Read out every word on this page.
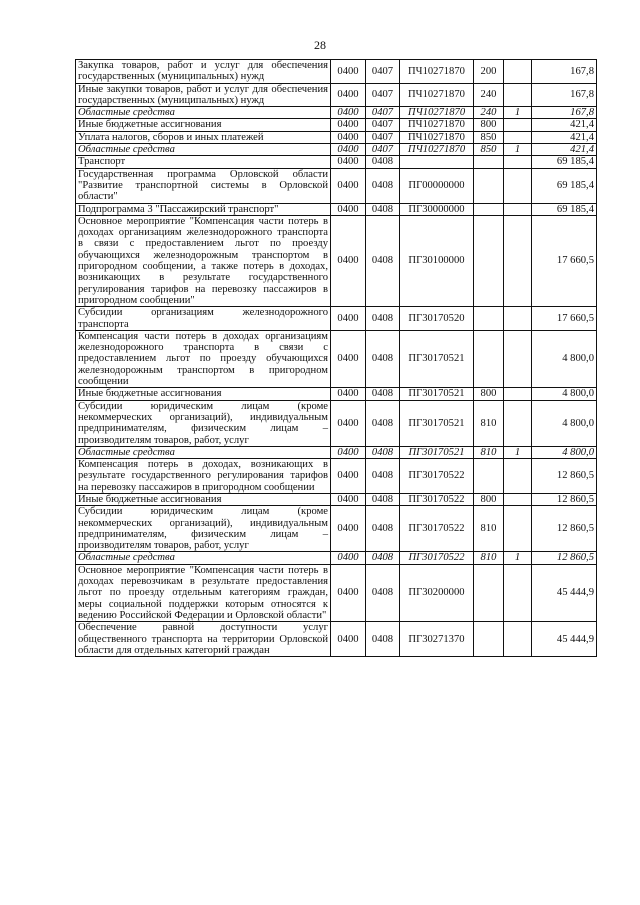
28
Закупка товаров, работ и услуг для обеспечения государственных (муниципальных) нужд	0400	0407	ПЧ10271870	200		167,8
Иные закупки товаров, работ и услуг для обеспечения государственных (муниципальных) нужд	0400	0407	ПЧ10271870	240		167,8
Областные средства	0400	0407	ПЧ10271870	240	1	167,8
Иные бюджетные ассигнования	0400	0407	ПЧ10271870	800		421,4
Уплата налогов, сборов и иных платежей	0400	0407	ПЧ10271870	850		421,4
Областные средства	0400	0407	ПЧ10271870	850	1	421,4
Транспорт	0400	0408				69 185,4
Государственная программа Орловской области "Развитие транспортной системы в Орловской области"	0400	0408	ПГ00000000			69 185,4
Подпрограмма 3 "Пассажирский транспорт"	0400	0408	ПГ30000000			69 185,4
Основное мероприятие "Компенсация части потерь в доходах организациям железнодорожного транспорта в связи с предоставлением льгот по проезду обучающихся железнодорожным транспортом в пригородном сообщении, а также потерь в доходах, возникающих в результате государственного регулирования тарифов на перевозку пассажиров в пригородном сообщении"	0400	0408	ПГ30100000			17 660,5
Субсидии организациям железнодорожного транспорта	0400	0408	ПГ30170520			17 660,5
Компенсация части потерь в доходах организациям железнодорожного транспорта в связи с предоставлением льгот по проезду обучающихся железнодорожным транспортом в пригородном сообщении	0400	0408	ПГ30170521			4 800,0
Иные бюджетные ассигнования	0400	0408	ПГ30170521	800		4 800,0
Субсидии юридическим лицам (кроме некоммерческих организаций), индивидуальным предпринимателям, физическим лицам – производителям товаров, работ, услуг	0400	0408	ПГ30170521	810		4 800,0
Областные средства	0400	0408	ПГ30170521	810	1	4 800,0
Компенсация потерь в доходах, возникающих в результате государственного регулирования тарифов на перевозку пассажиров в пригородном сообщении	0400	0408	ПГ30170522			12 860,5
Иные бюджетные ассигнования	0400	0408	ПГ30170522	800		12 860,5
Субсидии юридическим лицам (кроме некоммерческих организаций), индивидуальным предпринимателям, физическим лицам – производителям товаров, работ, услуг	0400	0408	ПГ30170522	810		12 860,5
Областные средства	0400	0408	ПГ30170522	810	1	12 860,5
Основное мероприятие "Компенсация части потерь в доходах перевозчикам в результате предоставления льгот по проезду отдельным категориям граждан, меры социальной поддержки которым относятся к ведению Российской Федерации и Орловской области"	0400	0408	ПГ30200000			45 444,9
Обеспечение равной доступности услуг общественного транспорта на территории Орловской области для отдельных категорий граждан	0400	0408	ПГ30271370			45 444,9
